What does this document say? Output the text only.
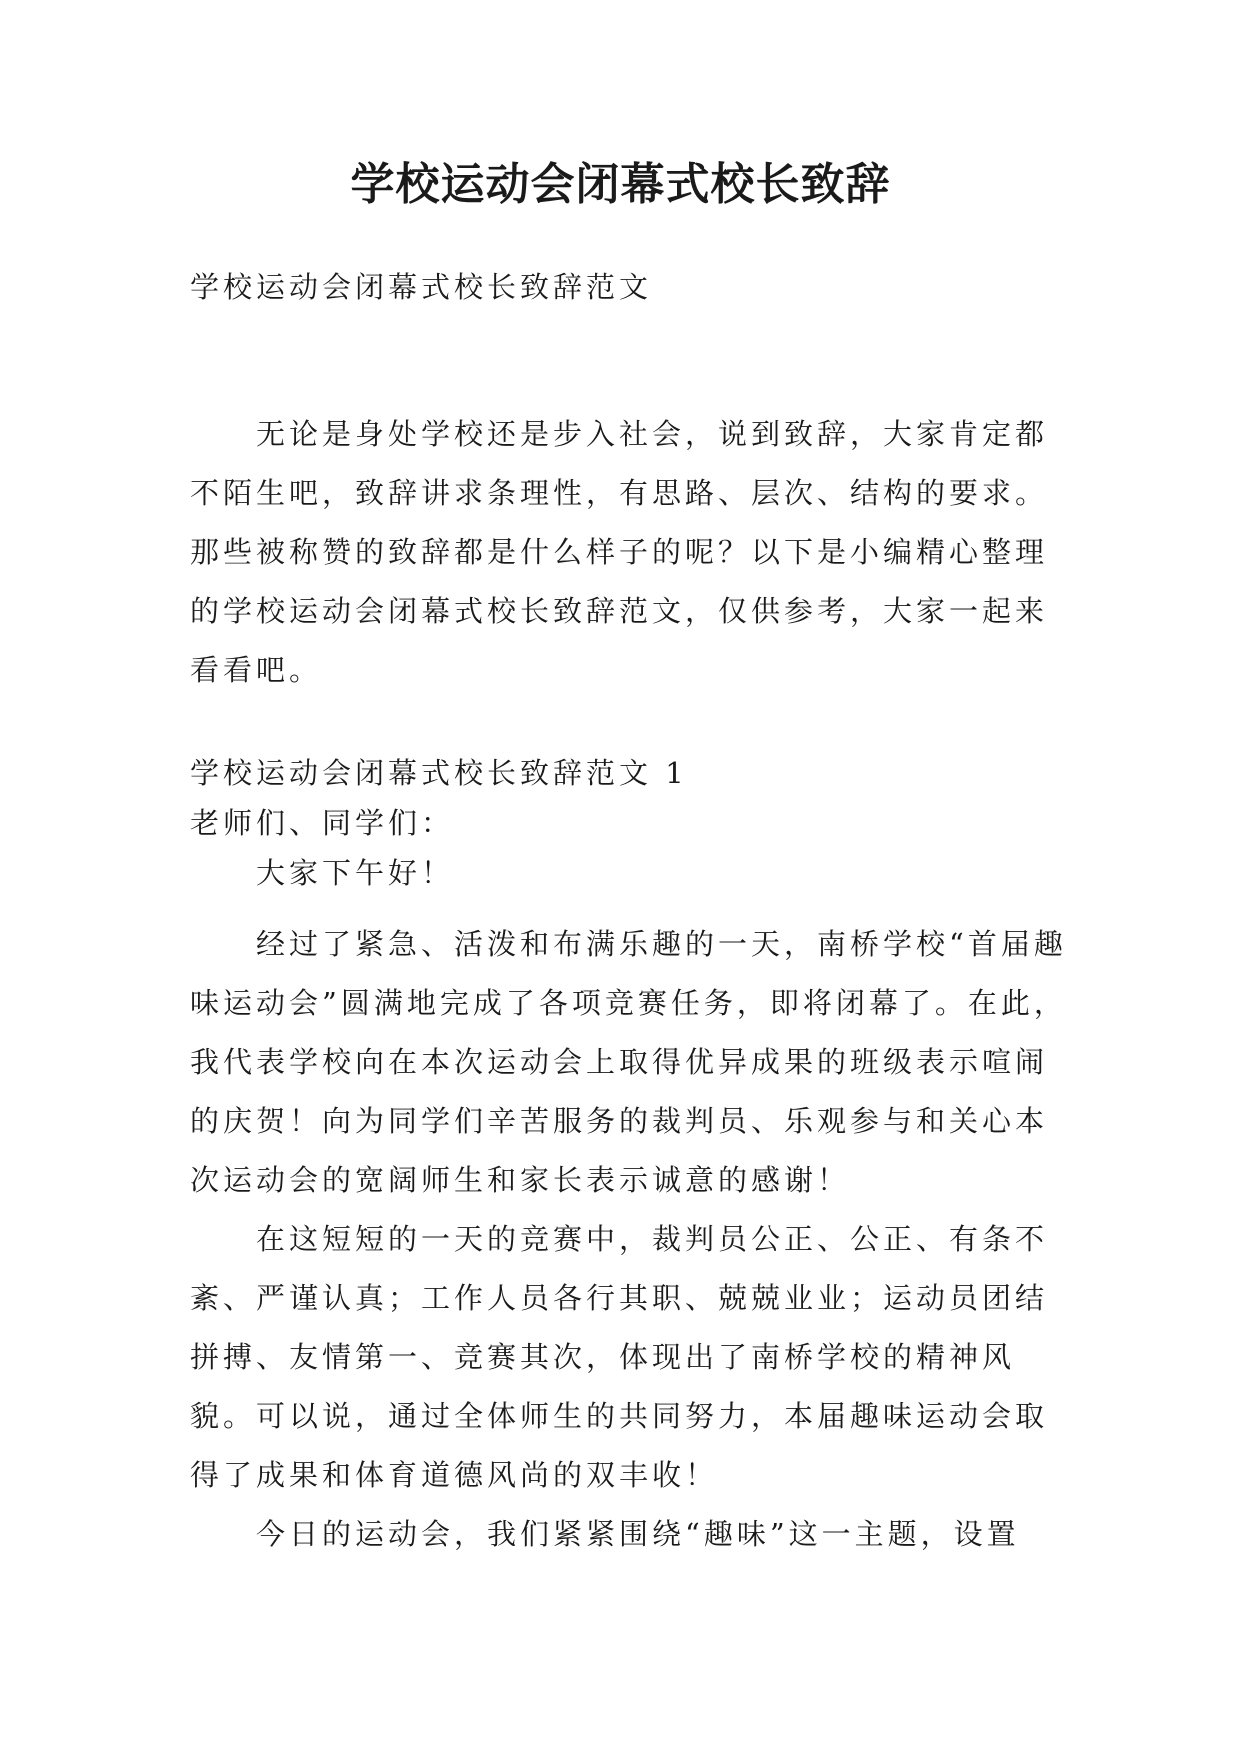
学校运动会闭幕式校长致辞

学校运动会闭幕式校长致辞范文

无论是身处学校还是步入社会，说到致辞，大家肯定都不陌生吧，致辞讲求条理性，有思路、层次、结构的要求。那些被称赞的致辞都是什么样子的呢？以下是小编精心整理的学校运动会闭幕式校长致辞范文，仅供参考，大家一起来看看吧。

学校运动会闭幕式校长致辞范文 1

老师们、同学们：

大家下午好！

经过了紧急、活泼和布满乐趣的一天，南桥学校“首届趣味运动会”圆满地完成了各项竞赛任务，即将闭幕了。在此，我代表学校向在本次运动会上取得优异成果的班级表示喧闹的庆贺！向为同学们辛苦服务的裁判员、乐观参与和关心本次运动会的宽阔师生和家长表示诚意的感谢！

在这短短的一天的竞赛中，裁判员公正、公正、有条不紊、严谨认真；工作人员各行其职、兢兢业业；运动员团结拼搏、友情第一、竞赛其次，体现出了南桥学校的精神风貌。可以说，通过全体师生的共同努力，本届趣味运动会取得了成果和体育道德风尚的双丰收！

今日的运动会，我们紧紧围绕“趣味”这一主题，设置
